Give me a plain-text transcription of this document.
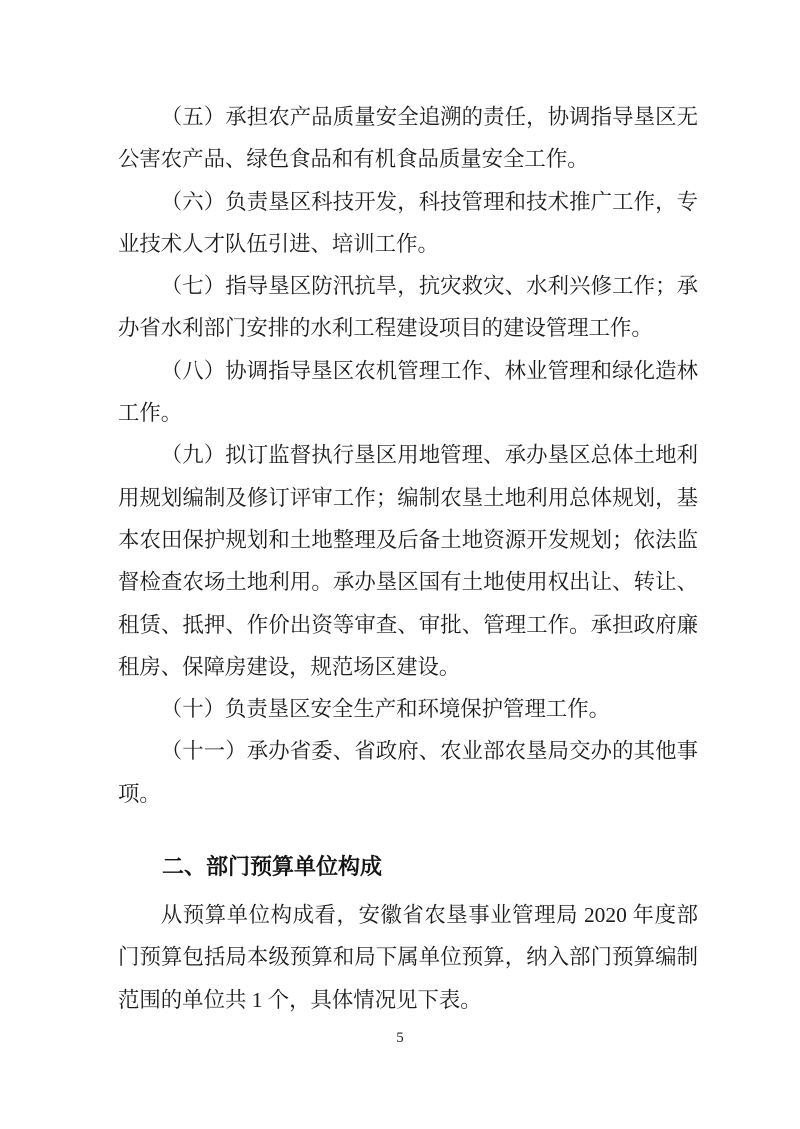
（五）承担农产品质量安全追溯的责任，协调指导垦区无
公害农产品、绿色食品和有机食品质量安全工作。
（六）负责垦区科技开发，科技管理和技术推广工作，专
业技术人才队伍引进、培训工作。
（七）指导垦区防汛抗旱，抗灾救灾、水利兴修工作；承
办省水利部门安排的水利工程建设项目的建设管理工作。
（八）协调指导垦区农机管理工作、林业管理和绿化造林
工作。
（九）拟订监督执行垦区用地管理、承办垦区总体土地利
用规划编制及修订评审工作；编制农垦土地利用总体规划，基
本农田保护规划和土地整理及后备土地资源开发规划；依法监
督检查农场土地利用。承办垦区国有土地使用权出让、转让、
租赁、抵押、作价出资等审查、审批、管理工作。承担政府廉
租房、保障房建设，规范场区建设。
（十）负责垦区安全生产和环境保护管理工作。
（十一）承办省委、省政府、农业部农垦局交办的其他事
项。
二、部门预算单位构成
从预算单位构成看，安徽省农垦事业管理局 2020 年度部
门预算包括局本级预算和局下属单位预算，纳入部门预算编制
范围的单位共 1 个，具体情况见下表。
5
